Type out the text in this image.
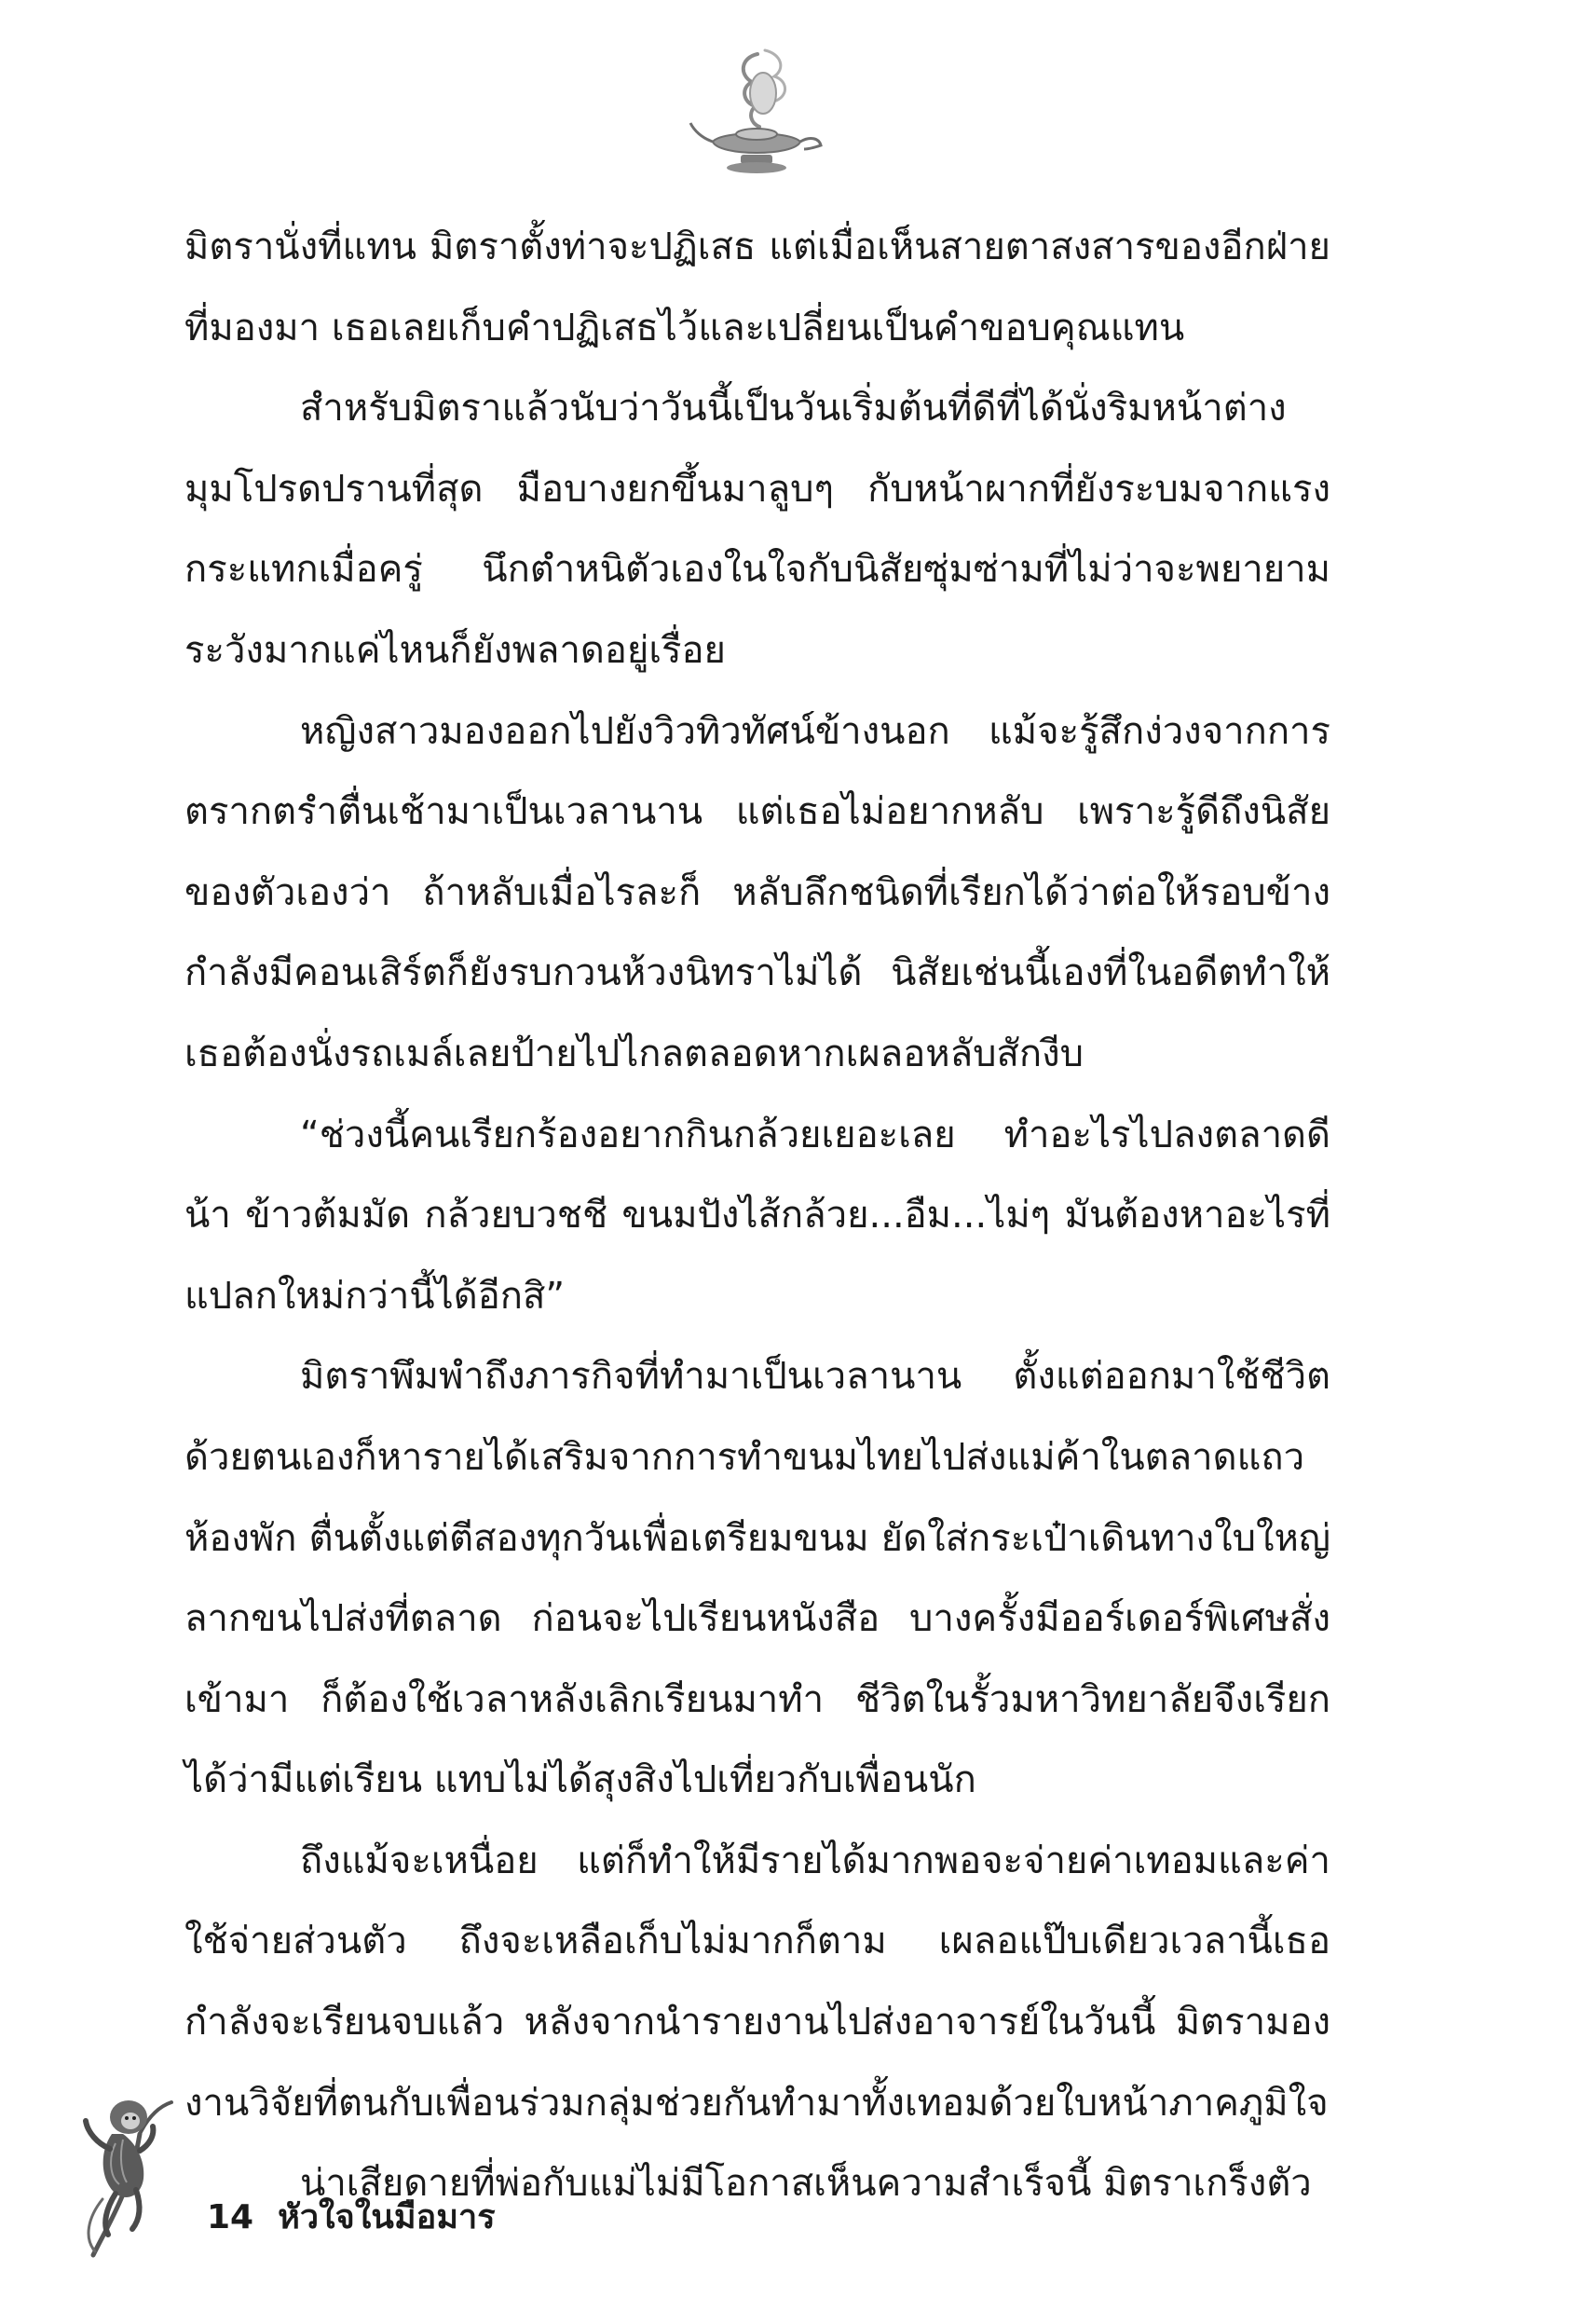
มิตรานั่งที่แทน มิตราตั้งท่าจะปฏิเสธ แต่เมื่อเห็นสายตาสงสารของอีกฝ่ายที่มองมา เธอเลยเก็บคำปฏิเสธไว้และเปลี่ยนเป็นคำขอบคุณแทน

สำหรับมิตราแล้วนับว่าวันนี้เป็นวันเริ่มต้นที่ดีที่ได้นั่งริมหน้าต่างมุมโปรดปรานที่สุด มือบางยกขึ้นมาลูบๆ กับหน้าผากที่ยังระบมจากแรงกระแทกเมื่อครู่ นึกตำหนิตัวเองในใจกับนิสัยซุ่มซ่ามที่ไม่ว่าจะพยายามระวังมากแค่ไหนก็ยังพลาดอยู่เรื่อย

หญิงสาวมองออกไปยังวิวทิวทัศน์ข้างนอก แม้จะรู้สึกง่วงจากการตรากตรำตื่นเช้ามาเป็นเวลานาน แต่เธอไม่อยากหลับ เพราะรู้ดีถึงนิสัยของตัวเองว่า ถ้าหลับเมื่อไรละก็ หลับลึกชนิดที่เรียกได้ว่าต่อให้รอบข้างกำลังมีคอนเสิร์ตก็ยังรบกวนห้วงนิทราไม่ได้ นิสัยเช่นนี้เองที่ในอดีตทำให้เธอต้องนั่งรถเมล์เลยป้ายไปไกลตลอดหากเผลอหลับสักงีบ

“ช่วงนี้คนเรียกร้องอยากกินกล้วยเยอะเลย ทำอะไรไปลงตลาดดีน้า ข้าวต้มมัด กล้วยบวชชี ขนมปังไส้กล้วย...อืม...ไม่ๆ มันต้องหาอะไรที่แปลกใหม่กว่านี้ได้อีกสิ”

มิตราพึมพำถึงภารกิจที่ทำมาเป็นเวลานาน ตั้งแต่ออกมาใช้ชีวิตด้วยตนเองก็หารายได้เสริมจากการทำขนมไทยไปส่งแม่ค้าในตลาดแถวห้องพัก ตื่นตั้งแต่ตีสองทุกวันเพื่อเตรียมขนม ยัดใส่กระเป๋าเดินทางใบใหญ่ลากขนไปส่งที่ตลาด ก่อนจะไปเรียนหนังสือ บางครั้งมีออร์เดอร์พิเศษสั่งเข้ามา ก็ต้องใช้เวลาหลังเลิกเรียนมาทำ ชีวิตในรั้วมหาวิทยาลัยจึงเรียกได้ว่ามีแต่เรียน แทบไม่ได้สุงสิงไปเที่ยวกับเพื่อนนัก

ถึงแม้จะเหนื่อย แต่ก็ทำให้มีรายได้มากพอจะจ่ายค่าเทอมและค่าใช้จ่ายส่วนตัว ถึงจะเหลือเก็บไม่มากก็ตาม เผลอแป๊บเดียวเวลานี้เธอกำลังจะเรียนจบแล้ว หลังจากนำรายงานไปส่งอาจารย์ในวันนี้ มิตรามองงานวิจัยที่ตนกับเพื่อนร่วมกลุ่มช่วยกันทำมาทั้งเทอมด้วยใบหน้าภาคภูมิใจ

น่าเสียดายที่พ่อกับแม่ไม่มีโอกาสเห็นความสำเร็จนี้ มิตราเกร็งตัว

14 หัวใจในมือมาร
